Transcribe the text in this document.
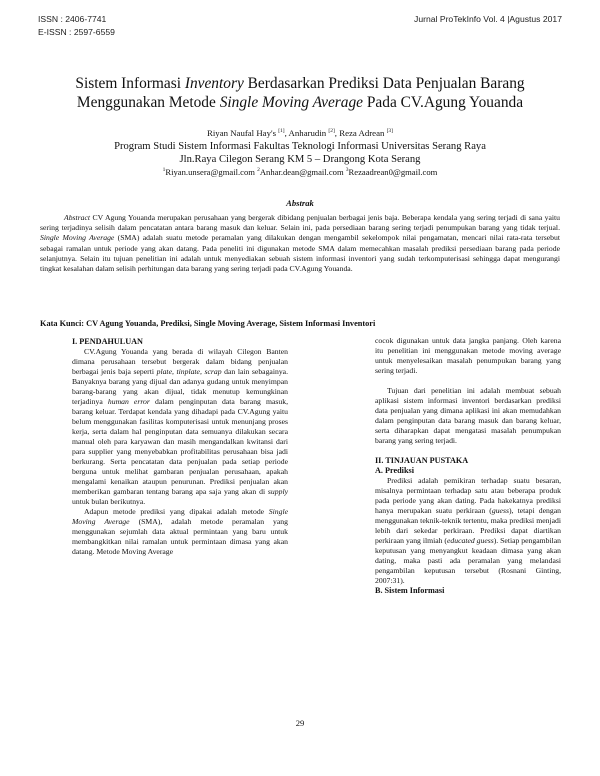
ISSN : 2406-7741
E-ISSN : 2597-6559
Jurnal ProTekInfo Vol. 4 |Agustus 2017
Sistem Informasi Inventory Berdasarkan Prediksi Data Penjualan Barang
Menggunakan Metode Single Moving Average Pada CV.Agung Youanda
Riyan Naufal Hay's [1], Anharudin [2], Reza Adrean [3]
Program Studi Sistem Informasi Fakultas Teknologi Informasi Universitas Serang Raya
Jln.Raya Cilegon Serang KM 5 – Drangong Kota Serang
$^1$Riyan.unsera@gmail.com $^2$Anhar.dean@gmail.com $^3$Rezaadrean0@gmail.com
Abstrak
Abstract CV Agung Youanda merupakan perusahaan yang bergerak dibidang penjualan berbagai jenis baja. Beberapa kendala yang sering terjadi di sana yaitu sering terjadinya selisih dalam pencatatan antara barang masuk dan keluar. Selain ini, pada persediaan barang sering terjadi penumpukan barang yang tidak terjual. Single Moving Average (SMA) adalah suatu metode peramalan yang dilakukan dengan mengambil sekelompok nilai pengamatan, mencari nilai rata-rata tersebut sebagai ramalan untuk periode yang akan datang. Pada peneliti ini digunakan metode SMA dalam memecahkan masalah prediksi persediaan barang pada periode selanjutnya. Selain itu tujuan penelitian ini adalah untuk menyediakan sebuah sistem informasi inventori yang sudah terkomputerisasi sehingga dapat mengurangi tingkat kesalahan dalam selisih perhitungan data barang yang sering terjadi pada CV.Agung Youanda.
Kata Kunci: CV Agung Youanda, Prediksi, Single Moving Average, Sistem Informasi Inventori

I. PENDAHULUAN

CV.Agung Youanda yang berada di wilayah Cilegon Banten dimana perusahaan tersebut bergerak dalam bidang penjualan berbagai jenis baja seperti plate, tinplate, scrap dan lain sebagainya. Banyaknya barang yang dijual dan adanya gudang untuk menyimpan barang-barang yang akan dijual, tidak menutup kemungkinan terjadinya human error dalam penginputan data barang masuk, barang keluar. Terdapat kendala yang dihadapi pada CV.Agung yaitu belum menggunakan fasilitas komputerisasi untuk menunjang proses kerja, serta dalam hal penginputan data semuanya dilakukan secara manual oleh para karyawan dan masih mengandalkan kwitansi dari para supplier yang menyebabkan profitabilitas perusahaan bisa jadi berkurang. Serta pencatatan data penjualan pada setiap periode berguna untuk melihat gambaran penjualan perusahaan, apakah mengalami kenaikan ataupun penurunan. Prediksi penjualan akan memberikan gambaran tentang barang apa saja yang akan di supply untuk bulan berikutnya.

Adapun metode prediksi yang dipakai adalah metode Single Moving Average (SMA), adalah metode peramalan yang menggunakan sejumlah data aktual permintaan yang baru untuk membangkitkan nilai ramalan untuk permintaan dimasa yang akan datang. Metode Moving Average

cocok digunakan untuk data jangka panjang. Oleh karena itu penelitian ini menggunakan metode moving average untuk menyelesaikan masalah penumpukan barang yang sering terjadi.

Tujuan dari penelitian ini adalah membuat sebuah aplikasi sistem informasi inventori berdasarkan prediksi data penjualan yang dimana aplikasi ini akan memudahkan dalam penginputan data barang masuk dan barang keluar, serta diharapkan dapat mengatasi masalah penumpukan barang yang sering terjadi.

II. TINJAUAN PUSTAKA

A. Prediksi

Prediksi adalah pemikiran terhadap suatu besaran, misalnya permintaan terhadap satu atau beberapa produk pada periode yang akan dating. Pada hakekatnya prediksi hanya merupakan suatu perkiraan (guess), tetapi dengan menggunakan teknik-teknik tertentu, maka prediksi menjadi lebih dari sekedar perkiraan. Prediksi dapat diartikan perkiraan yang ilmiah (educated guess). Setiap pengambilan keputusan yang menyangkut keadaan dimasa yang akan dating, maka pasti ada peramalan yang melandasi pengambilan keputusan tersebut (Rosnani Ginting, 2007:31).

B. Sistem Informasi

29
